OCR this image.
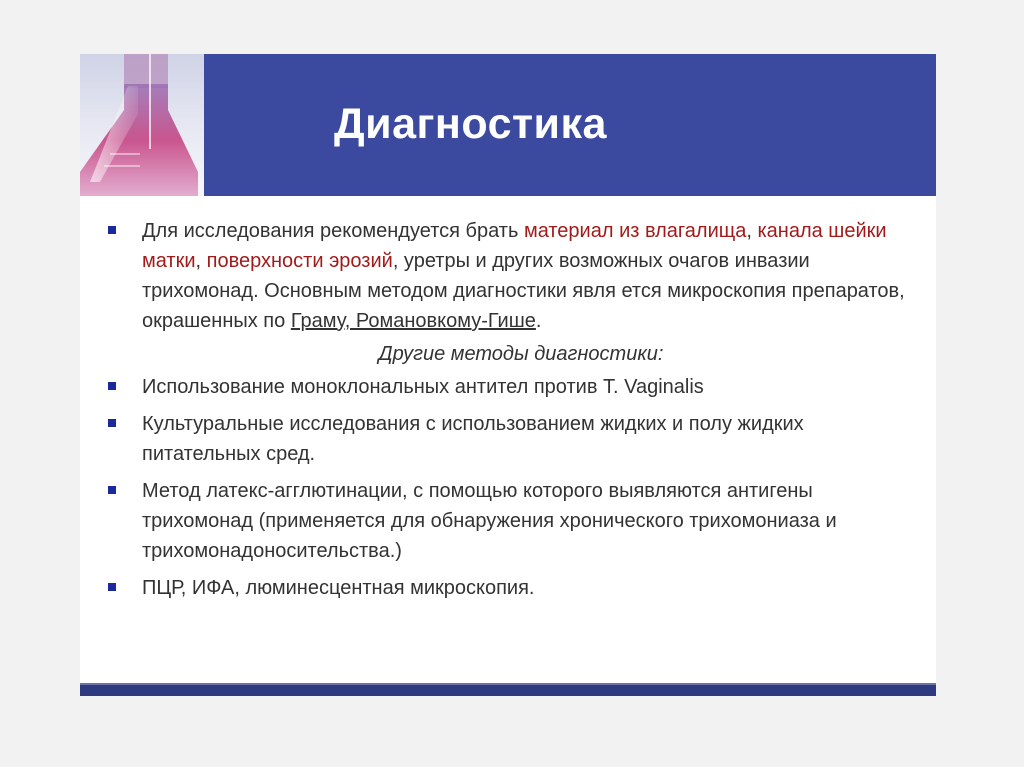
Диагностика
Для исследования рекомендуется брать материал из влагалища, канала шейки матки, поверхности эрозий, уретры и других возможных очагов инвазии трихомонад. Основным методом диагностики явля ется микроскопия препаратов, окрашенных по Граму, Романовкому-Гише.
Другие методы диагностики:
Использование моноклональных антител против T. Vaginalis
Культуральные исследования с использованием жидких и полу жидких питательных сред.
Метод латекс-агглютинации, с помощью которого выявляются антигены трихомонад (применяется для обнаружения хронического трихомониаза и трихомонадоносительства.)
ПЦР, ИФА, люминесцентная микроскопия.
